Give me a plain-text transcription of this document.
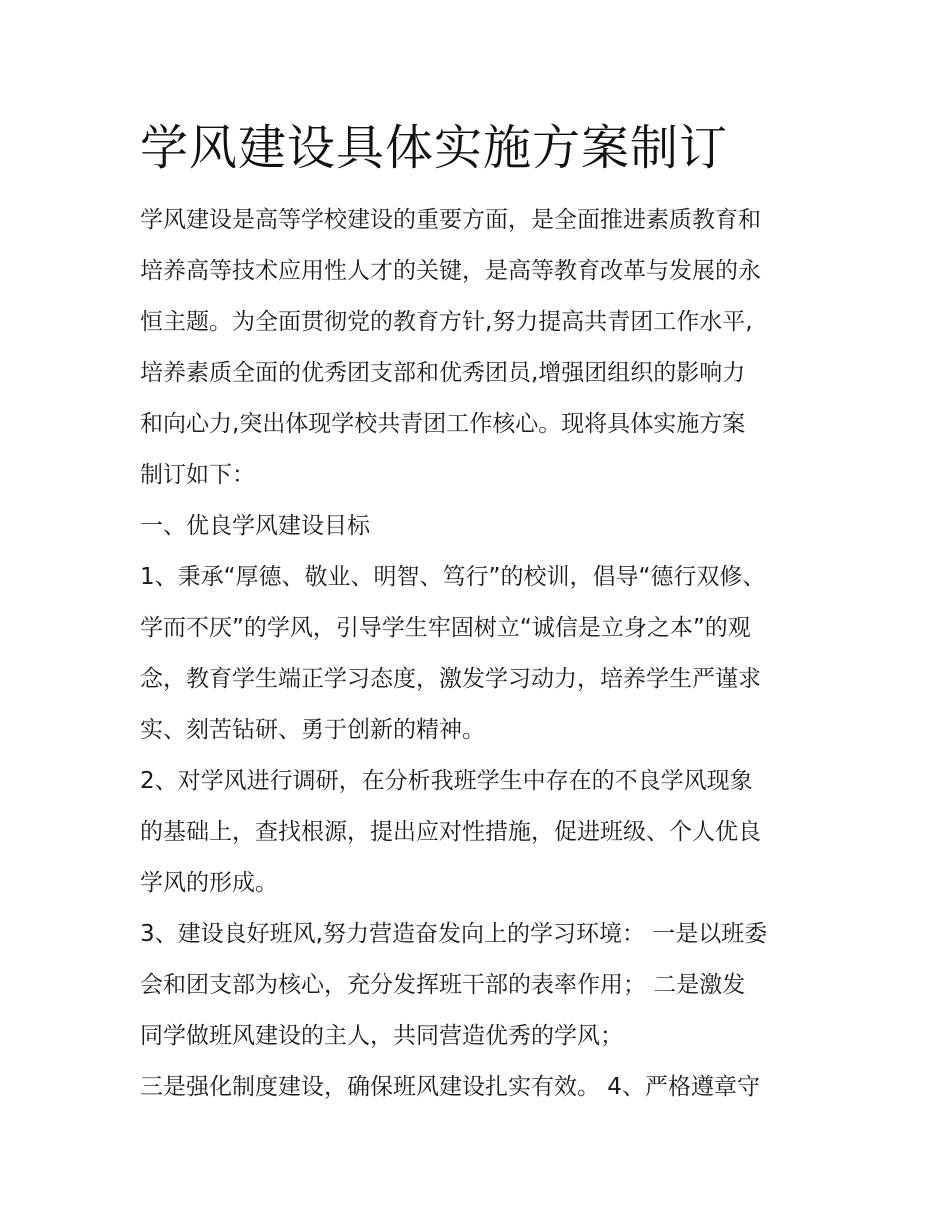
学风建设具体实施方案制订
学风建设是高等学校建设的重要方面，是全面推进素质教育和
培养高等技术应用性人才的关键，是高等教育改革与发展的永
恒主题。为全面贯彻党的教育方针,努力提高共青团工作水平,
培养素质全面的优秀团支部和优秀团员,增强团组织的影响力
和向心力,突出体现学校共青团工作核心。现将具体实施方案
制订如下：
一、优良学风建设目标
1、秉承“厚德、敬业、明智、笃行”的校训，倡导“德行双修、
学而不厌”的学风，引导学生牢固树立“诚信是立身之本”的观
念，教育学生端正学习态度，激发学习动力，培养学生严谨求
实、刻苦钻研、勇于创新的精神。
2、对学风进行调研，在分析我班学生中存在的不良学风现象
的基础上，查找根源，提出应对性措施，促进班级、个人优良
学风的形成。
3、建设良好班风,努力营造奋发向上的学习环境： 一是以班委
会和团支部为核心，充分发挥班干部的表率作用； 二是激发
同学做班风建设的主人，共同营造优秀的学风；
三是强化制度建设，确保班风建设扎实有效。 4、严格遵章守
